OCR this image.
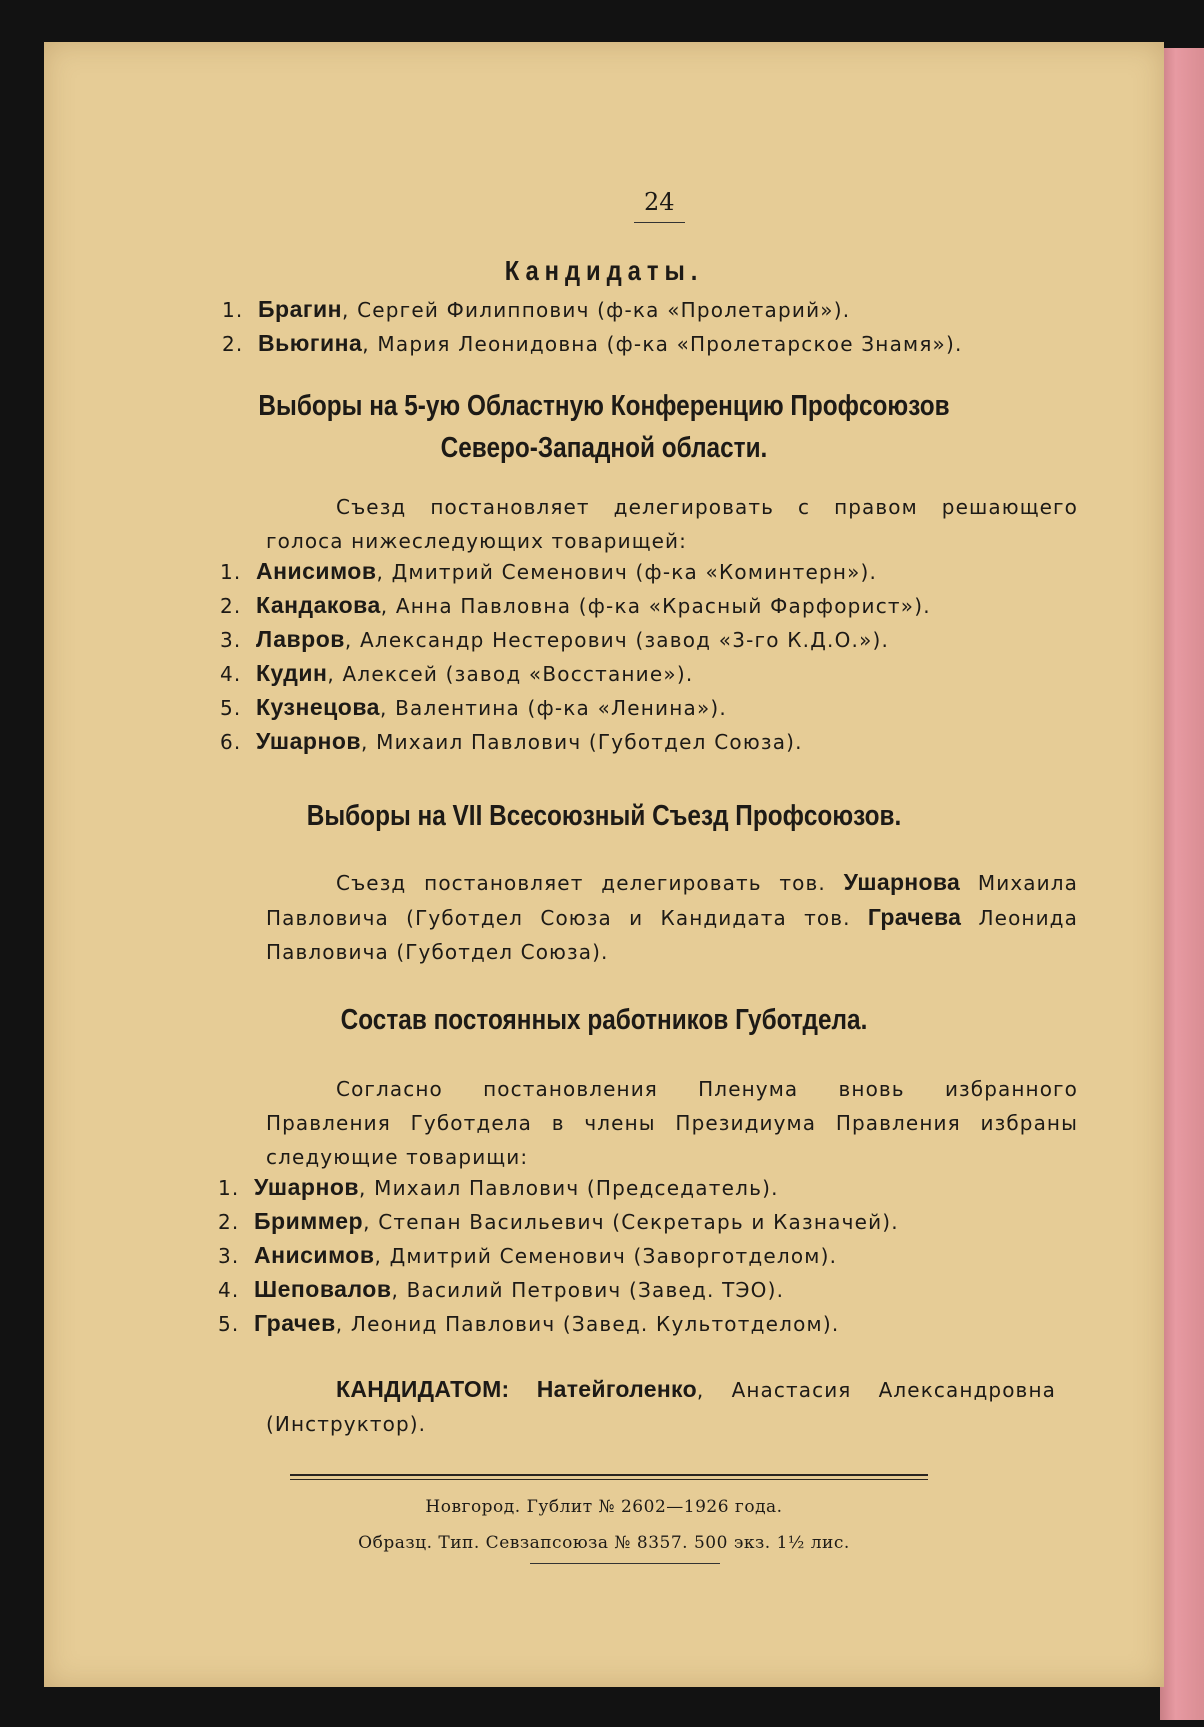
24
Кандидаты.
1. Брагин, Сергей Филиппович (ф-ка «Пролетарий»).
2. Вьюгина, Мария Леонидовна (ф-ка «Пролетарское Знамя»).
Выборы на 5-ую Областную Конференцию Профсоюзов
Северо-Западной области.
Съезд постановляет делегировать с правом решающего голоса нижеследующих товарищей:
1. Анисимов, Дмитрий Семенович (ф-ка «Коминтерн»).
2. Кандакова, Анна Павловна (ф-ка «Красный Фарфорист»).
3. Лавров, Александр Нестерович (завод «3-го К.Д.О.»).
4. Кудин, Алексей (завод «Восстание»).
5. Кузнецова, Валентина (ф-ка «Ленина»).
6. Ушарнов, Михаил Павлович (Губотдел Союза).
Выборы на VII Всесоюзный Съезд Профсоюзов.
Съезд постановляет делегировать тов. Ушарнова Михаила Павловича (Губотдел Союза и Кандидата тов. Грачева Леонида Павловича (Губотдел Союза).
Состав постоянных работников Губотдела.
Согласно постановления Пленума вновь избранного Правления Губотдела в члены Президиума Правления избраны следующие товарищи:
1. Ушарнов, Михаил Павлович (Председатель).
2. Бриммер, Степан Васильевич (Секретарь и Казначей).
3. Анисимов, Дмитрий Семенович (Заворготделом).
4. Шеповалов, Василий Петрович (Завед. ТЭО).
5. Грачев, Леонид Павлович (Завед. Культотделом).
КАНДИДАТОМ: Натейголенко, Анастасия Александровна (Инструктор).
Новгород. Гублит № 2602—1926 года.
Образц. Тип. Севзапсоюза № 8357. 500 экз. 1½ лис.
